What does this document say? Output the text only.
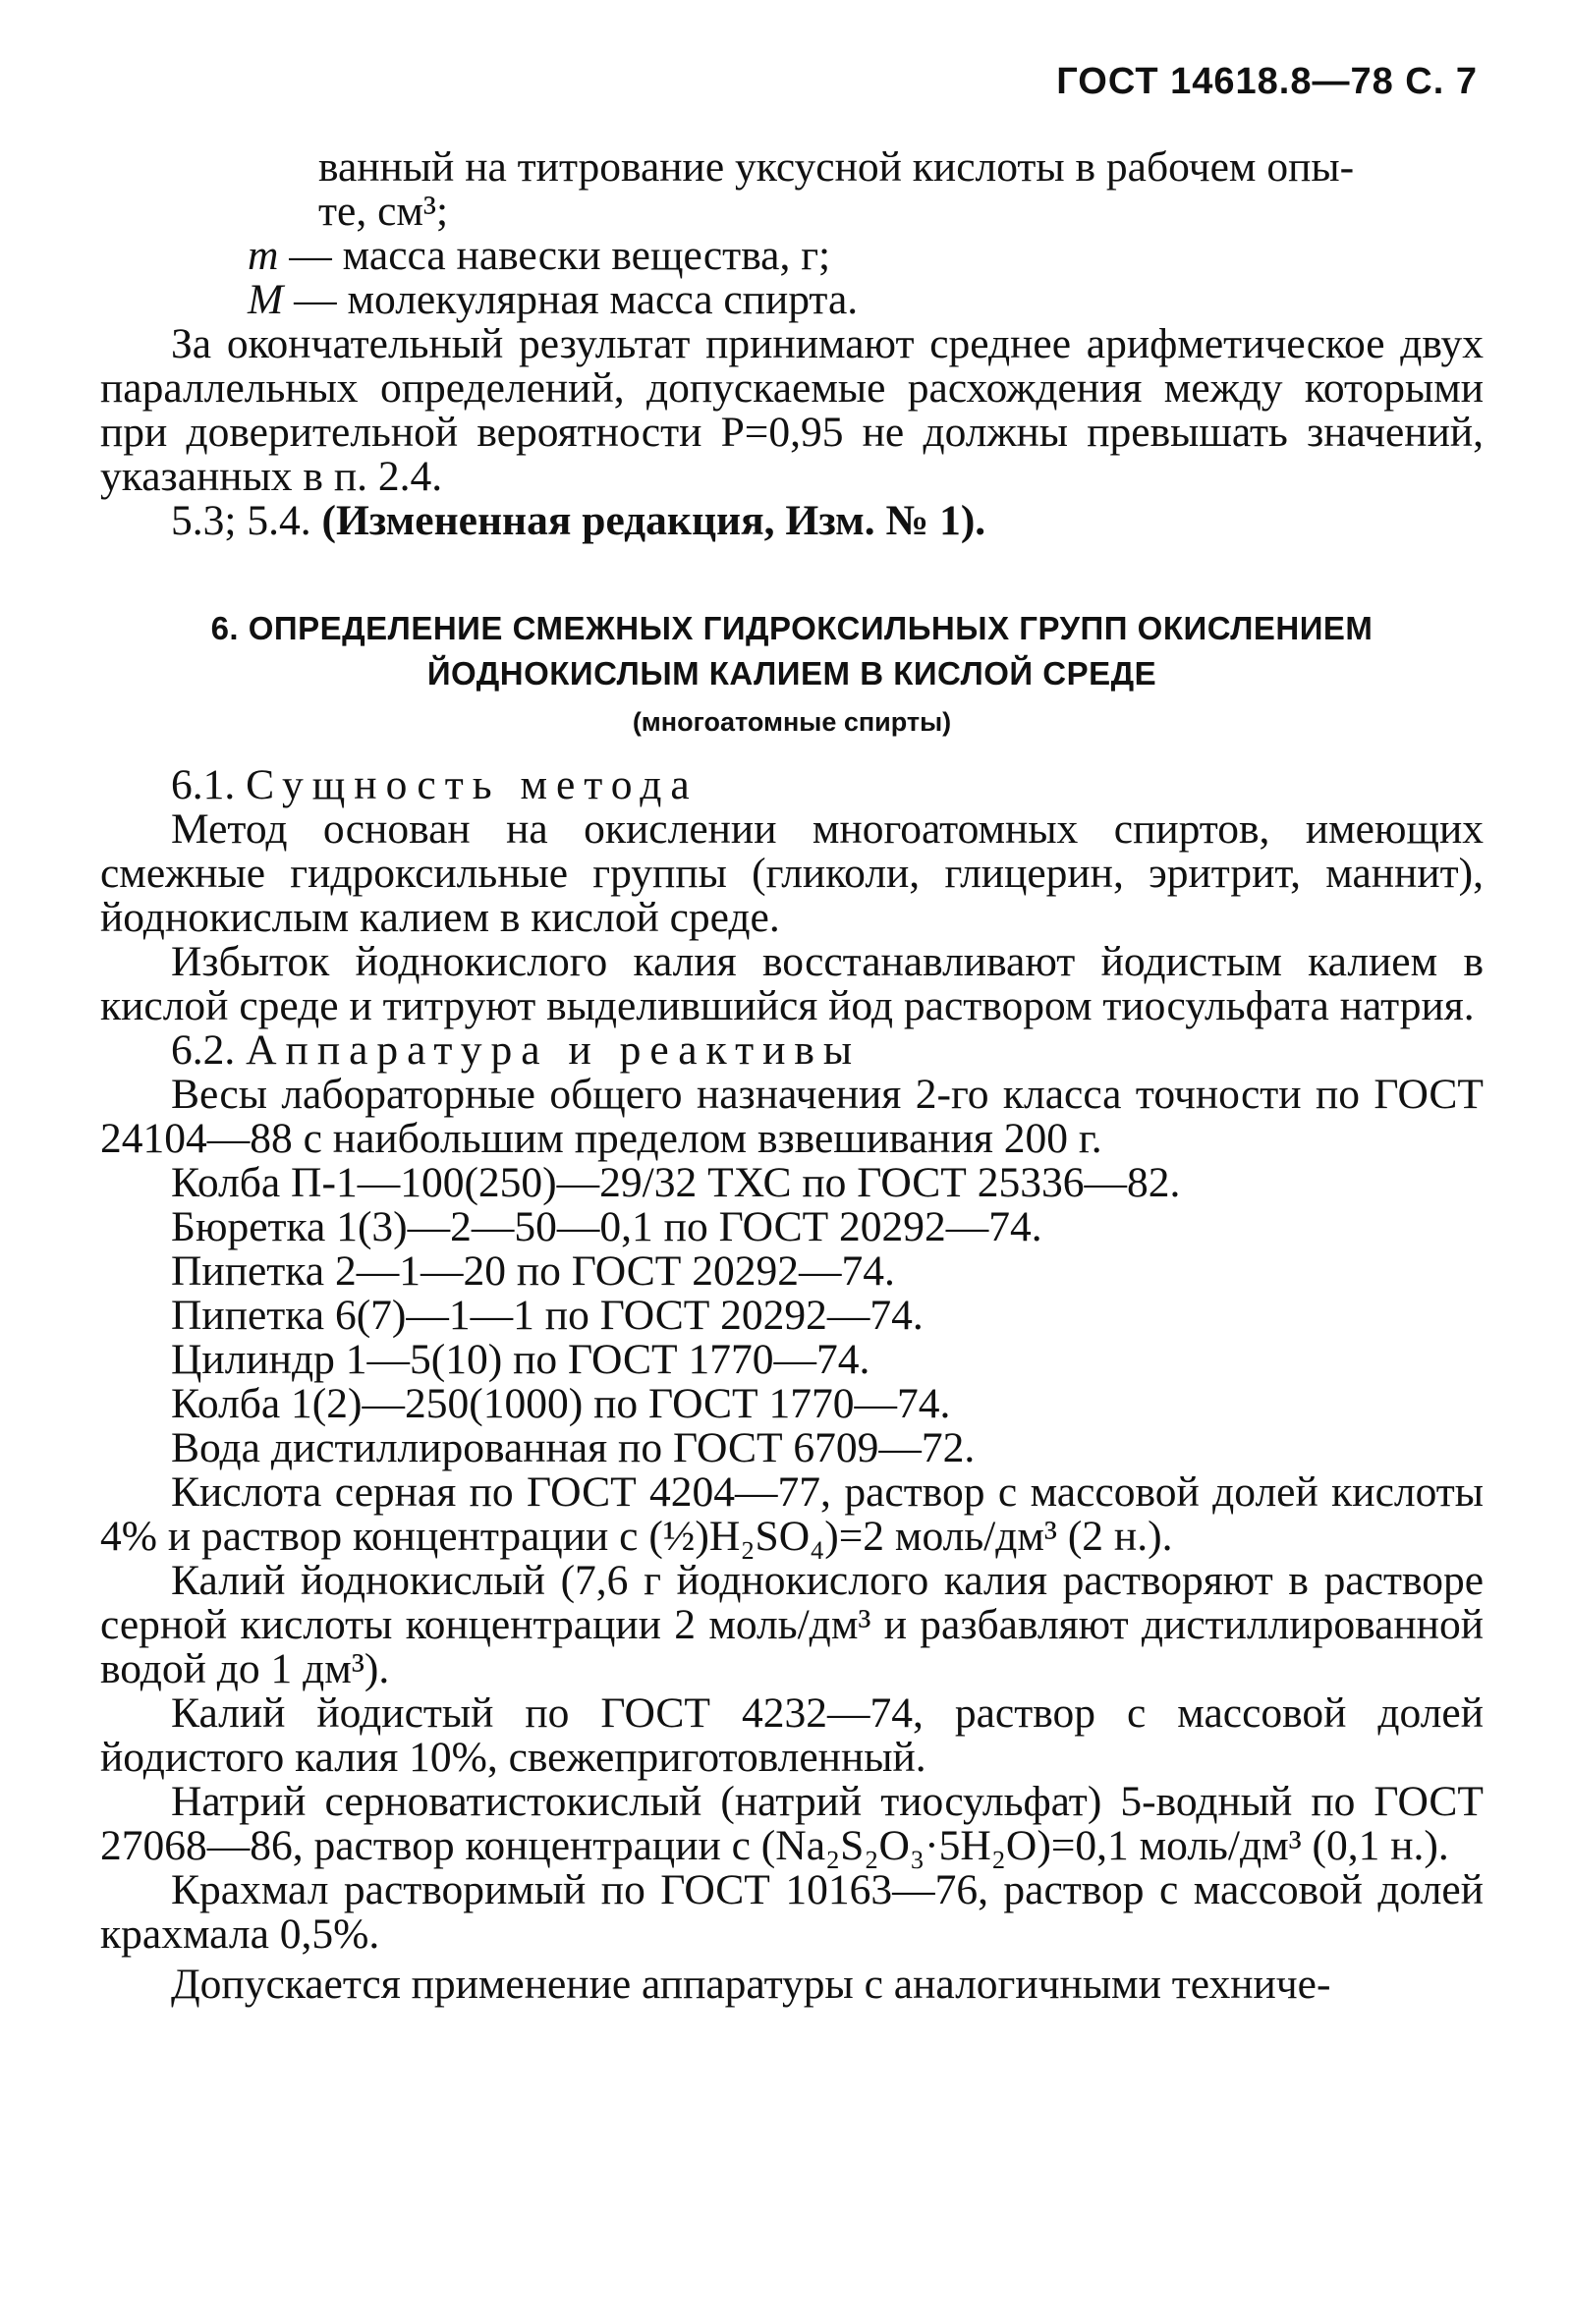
ГОСТ 14618.8—78 С. 7

ванный на титрование уксусной кислоты в рабочем опы-

те, см³;

m — масса навески вещества, г;

M — молекулярная масса спирта.

За окончательный результат принимают среднее арифметическое двух параллельных определений, допускаемые расхождения между которыми при доверительной вероятности P=0,95 не должны превышать значений, указанных в п. 2.4.

5.3; 5.4. (Измененная редакция, Изм. № 1).

6. ОПРЕДЕЛЕНИЕ СМЕЖНЫХ ГИДРОКСИЛЬНЫХ ГРУПП ОКИСЛЕНИЕМ
ЙОДНОКИСЛЫМ КАЛИЕМ В КИСЛОЙ СРЕДЕ
(многоатомные спирты)

6.1. Сущность метода

Метод основан на окислении многоатомных спиртов, имеющих смежные гидроксильные группы (гликоли, глицерин, эритрит, маннит), йоднокислым калием в кислой среде.

Избыток йоднокислого калия восстанавливают йодистым калием в кислой среде и титруют выделившийся йод раствором тиосульфата натрия.

6.2. Аппаратура и реактивы

Весы лабораторные общего назначения 2-го класса точности по ГОСТ 24104—88 с наибольшим пределом взвешивания 200 г.

Колба П-1—100(250)—29/32 ТХС по ГОСТ 25336—82.

Бюретка 1(3)—2—50—0,1 по ГОСТ 20292—74.

Пипетка 2—1—20 по ГОСТ 20292—74.

Пипетка 6(7)—1—1 по ГОСТ 20292—74.

Цилиндр 1—5(10) по ГОСТ 1770—74.

Колба 1(2)—250(1000) по ГОСТ 1770—74.

Вода дистиллированная по ГОСТ 6709—72.

Кислота серная по ГОСТ 4204—77, раствор с массовой долей кислоты 4% и раствор концентрации c (½)H₂SO₄)=2 моль/дм³ (2 н.).

Калий йоднокислый (7,6 г йоднокислого калия растворяют в растворе серной кислоты концентрации 2 моль/дм³ и разбавляют дистиллированной водой до 1 дм³).

Калий йодистый по ГОСТ 4232—74, раствор с массовой долей йодистого калия 10%, свежеприготовленный.

Натрий серноватистокислый (натрий тиосульфат) 5-водный по ГОСТ 27068—86, раствор концентрации c (Na₂S₂O₃·5H₂O)=0,1 моль/дм³ (0,1 н.).

Крахмал растворимый по ГОСТ 10163—76, раствор с массовой долей крахмала 0,5%.

Допускается применение аппаратуры с аналогичными техниче-
